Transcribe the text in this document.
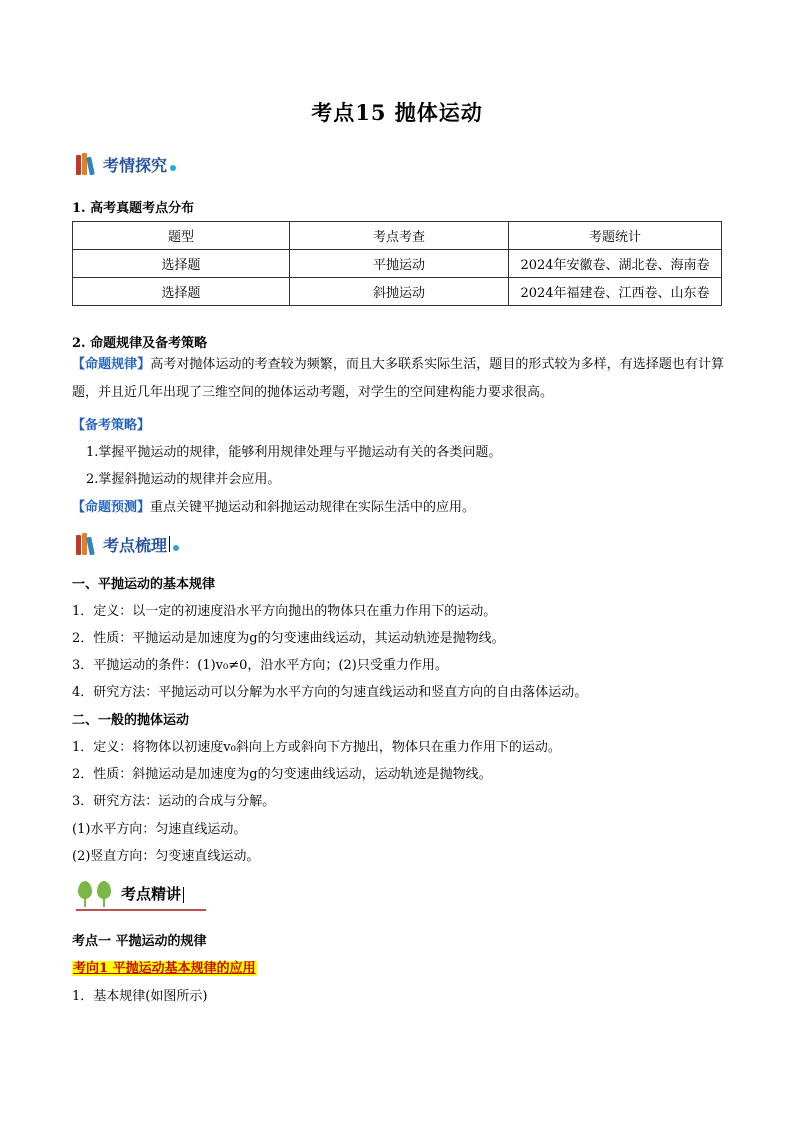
考点15 抛体运动
考情探究
1. 高考真题考点分布
题型	考点考查	考题统计
选择题	平抛运动	2024年安徽卷、湖北卷、海南卷
选择题	斜抛运动	2024年福建卷、江西卷、山东卷
2. 命题规律及备考策略
【命题规律】高考对抛体运动的考查较为频繁，而且大多联系实际生活，题目的形式较为多样，有选择题也有计算题，并且近几年出现了三维空间的抛体运动考题，对学生的空间建构能力要求很高。
【备考策略】
1.掌握平抛运动的规律，能够利用规律处理与平抛运动有关的各类问题。
2.掌握斜抛运动的规律并会应用。
【命题预测】重点关键平抛运动和斜抛运动规律在实际生活中的应用。
考点梳理
一、平抛运动的基本规律
1．定义：以一定的初速度沿水平方向抛出的物体只在重力作用下的运动。
2．性质：平抛运动是加速度为g的匀变速曲线运动，其运动轨迹是抛物线。
3．平抛运动的条件：(1)v₀≠0，沿水平方向；(2)只受重力作用。
4．研究方法：平抛运动可以分解为水平方向的匀速直线运动和竖直方向的自由落体运动。
二、一般的抛体运动
1．定义：将物体以初速度v₀斜向上方或斜向下方抛出，物体只在重力作用下的运动。
2．性质：斜抛运动是加速度为g的匀变速曲线运动，运动轨迹是抛物线。
3．研究方法：运动的合成与分解。
(1)水平方向：匀速直线运动。
(2)竖直方向：匀变速直线运动。
考点精讲
考点一 平抛运动的规律
考向1 平抛运动基本规律的应用
1．基本规律(如图所示)
